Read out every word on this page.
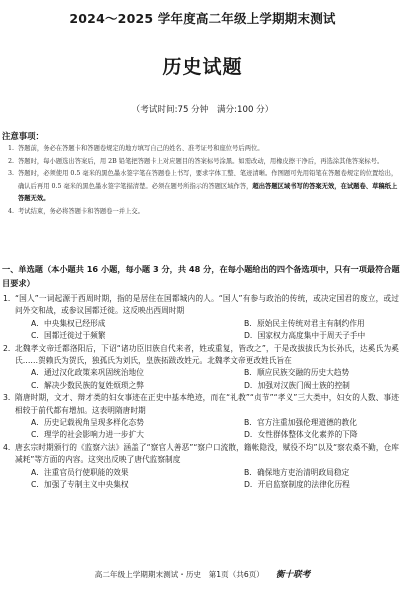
2024～2025 学年度高二年级上学期期末测试
历史试题
（考试时间:75 分钟　满分:100 分）
注意事项：
1. 答题前，务必在答题卡和答题卷规定的地方填写自己的姓名、准考证号和座位号后两位。
2. 答题时，每小题选出答案后，用 2B 铅笔把答题卡上对应题目的答案标号涂黑。如需改动，用橡皮擦干净后，再选涂其他答案标号。
3. 答题时，必须使用 0.5 毫米的黑色墨水签字笔在答题卷上书写，要求字体工整、笔迹清晰。作图题可先用铅笔在答题卷规定的位置绘出，确认后再用 0.5 毫米的黑色墨水签字笔描清楚。必须在题号所指示的答题区域作答，超出答题区域书写的答案无效，在试题卷、草稿纸上答题无效。
4. 考试结束，务必将答题卡和答题卷一并上交。
一、单选题（本小题共 16 小题，每小题 3 分，共 48 分，在每小题给出的四个备选项中，只有一项最符合题目要求）
1． “国人”一词起源于西周时期，指的是居住在国都城内的人。“国人”有参与政治的传统，或决定国君的废立，或过问外交和战，或参议国都迁徙。这反映出西周时期
A．中央集权已经形成	B．原始民主传统对君主有制约作用
C．国都迁徙过于频繁	D．国家权力高度集中于周天子手中
2． 北魏孝文帝迁都洛阳后，下诏“诸功臣旧族自代来者，姓或重复，皆改之”，于是改拔拔氏为长孙氏，达奚氏为奚氏……贺赖氏为贺氏，独孤氏为刘氏，皇族拓跋改姓元。北魏孝文帝更改姓氏旨在
A．通过汉化政策来巩固统治地位	B．顺应民族交融的历史大趋势
C．解决少数民族的复姓烦琐之弊	D．加强对汉族门阀士族的控制
3． 隋唐时期，文才、辩才类的妇女事迹在正史中基本绝迹，而在“礼教”“贞节”“孝义”三大类中，妇女的人数、事迹相较于前代都有增加。这表明隋唐时期
A．历史记载视角呈现多样化态势	B．官方注重加强伦理道德的教化
C．理学的社会影响力进一步扩大	D．女性群体整体文化素养的下降
4． 唐玄宗时期颁行的《监察六法》涵盖了“察官人善恶”“察户口流散，籍帐隐没，赋役不均”以及“察农桑不勤，仓库减耗”等方面的内容。这突出反映了唐代监察制度
A．注重官员行使职能的效果	B．确保地方吏治清明政局稳定
C．加强了专制主义中央集权	D．开启监察制度的法律化历程
高二年级上学期期末测试・历史　第1页（共6页） 衡十联考
